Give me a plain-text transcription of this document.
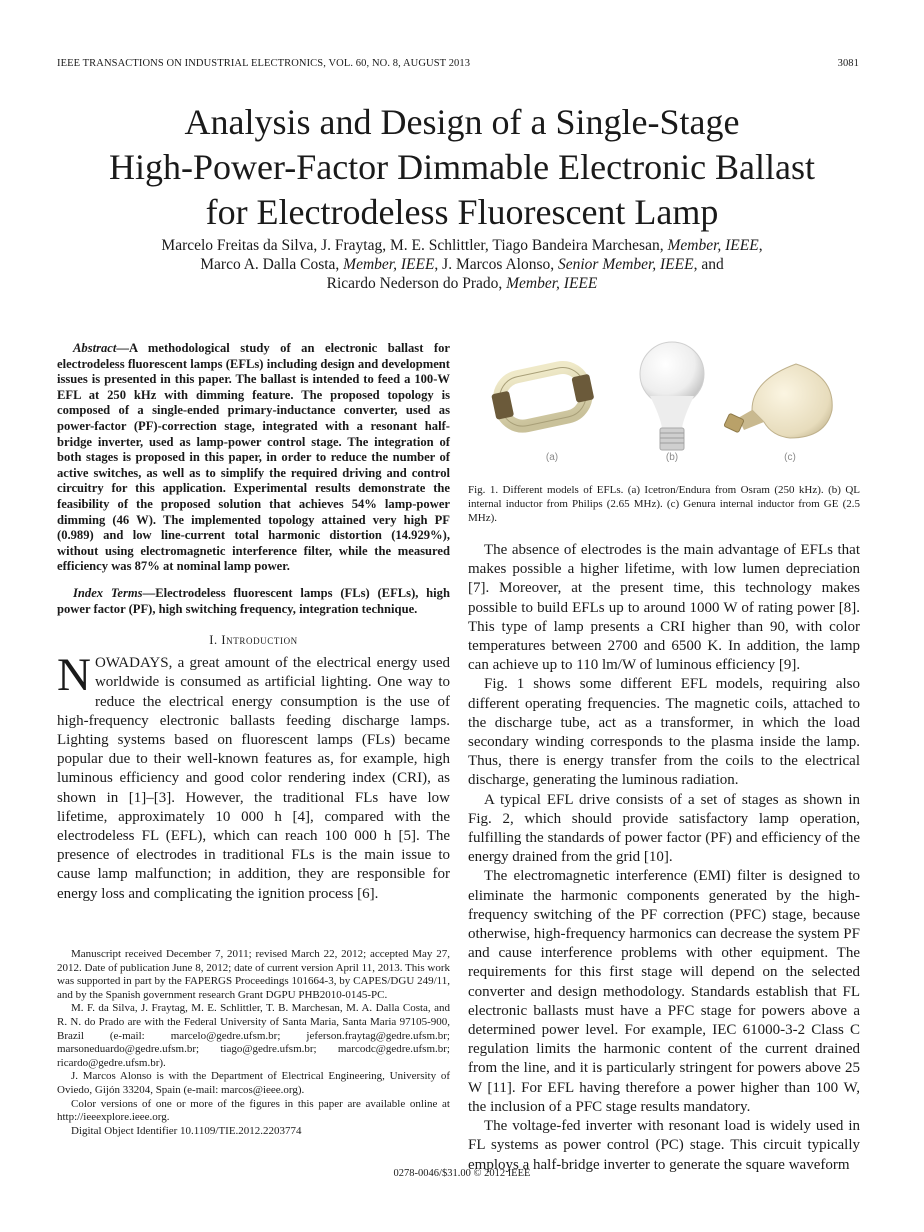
IEEE TRANSACTIONS ON INDUSTRIAL ELECTRONICS, VOL. 60, NO. 8, AUGUST 2013	3081
Analysis and Design of a Single-Stage
High-Power-Factor Dimmable Electronic Ballast
for Electrodeless Fluorescent Lamp
Marcelo Freitas da Silva, J. Fraytag, M. E. Schlittler, Tiago Bandeira Marchesan, Member, IEEE,
Marco A. Dalla Costa, Member, IEEE, J. Marcos Alonso, Senior Member, IEEE, and
Ricardo Nederson do Prado, Member, IEEE

Abstract—A methodological study of an electronic ballast for electrodeless fluorescent lamps (EFLs) including design and development issues is presented in this paper. The ballast is intended to feed a 100-W EFL at 250 kHz with dimming feature. The proposed topology is composed of a single-ended primary-inductance converter, used as power-factor (PF)-correction stage, integrated with a resonant half-bridge inverter, used as lamp-power control stage. The integration of both stages is proposed in this paper, in order to reduce the number of active switches, as well as to simplify the required driving and control circuitry for this application. Experimental results demonstrate the feasibility of the proposed solution that achieves 54% lamp-power dimming (46 W). The implemented topology attained very high PF (0.989) and low line-current total harmonic distortion (14.929%), without using electromagnetic interference filter, while the measured efficiency was 87% at nominal lamp power.

Index Terms—Electrodeless fluorescent lamps (FLs) (EFLs), high power factor (PF), high switching frequency, integration technique.

I. Introduction

NOWADAYS, a great amount of the electrical energy used worldwide is consumed as artificial lighting. One way to reduce the electrical energy consumption is the use of high-frequency electronic ballasts feeding discharge lamps. Lighting systems based on fluorescent lamps (FLs) became popular due to their well-known features as, for example, high luminous efficiency and good color rendering index (CRI), as shown in [1]–[3]. However, the traditional FLs have low lifetime, approximately 10 000 h [4], compared with the electrodeless FL (EFL), which can reach 100 000 h [5]. The presence of electrodes in traditional FLs is the main issue to cause lamp malfunction; in addition, they are responsible for energy loss and complicating the ignition process [6].

Manuscript received December 7, 2011; revised March 22, 2012; accepted May 27, 2012. Date of publication June 8, 2012; date of current version April 11, 2013. This work was supported in part by the FAPERGS Proceedings 101664-3, by CAPES/DGU 249/11, and by the Spanish government research Grant DGPU PHB2010-0145-PC.

M. F. da Silva, J. Fraytag, M. E. Schlittler, T. B. Marchesan, M. A. Dalla Costa, and R. N. do Prado are with the Federal University of Santa Maria, Santa Maria 97105-900, Brazil (e-mail: marcelo@gedre.ufsm.br; jeferson.fraytag@gedre.ufsm.br; marsoneduardo@gedre.ufsm.br; tiago@gedre.ufsm.br; marcodc@gedre.ufsm.br; ricardo@gedre.ufsm.br).

J. Marcos Alonso is with the Department of Electrical Engineering, University of Oviedo, Gijón 33204, Spain (e-mail: marcos@ieee.org).

Color versions of one or more of the figures in this paper are available online at http://ieeexplore.ieee.org.

Digital Object Identifier 10.1109/TIE.2012.2203774

(a)	(b)	(c)
Fig. 1. Different models of EFLs. (a) Icetron/Endura from Osram (250 kHz). (b) QL internal inductor from Philips (2.65 MHz). (c) Genura internal inductor from GE (2.5 MHz).

The absence of electrodes is the main advantage of EFLs that makes possible a higher lifetime, with low lumen depreciation [7]. Moreover, at the present time, this technology makes possible to build EFLs up to around 1000 W of rating power [8]. This type of lamp presents a CRI higher than 90, with color temperatures between 2700 and 6500 K. In addition, the lamp can achieve up to 110 lm/W of luminous efficiency [9].

Fig. 1 shows some different EFL models, requiring also different operating frequencies. The magnetic coils, attached to the discharge tube, act as a transformer, in which the load secondary winding corresponds to the plasma inside the lamp. Thus, there is energy transfer from the coils to the electrical discharge, generating the luminous radiation.

A typical EFL drive consists of a set of stages as shown in Fig. 2, which should provide satisfactory lamp operation, fulfilling the standards of power factor (PF) and efficiency of the energy drained from the grid [10].

The electromagnetic interference (EMI) filter is designed to eliminate the harmonic components generated by the high-frequency switching of the PF correction (PFC) stage, because otherwise, high-frequency harmonics can decrease the system PF and cause interference problems with other equipment. The requirements for this first stage will depend on the selected converter and design methodology. Standards establish that FL electronic ballasts must have a PFC stage for powers above a determined power level. For example, IEC 61000-3-2 Class C regulation limits the harmonic content of the current drained from the line, and it is particularly stringent for powers above 25 W [11]. For EFL having therefore a power higher than 100 W, the inclusion of a PFC stage results mandatory.

The voltage-fed inverter with resonant load is widely used in FL systems as power control (PC) stage. This circuit typically employs a half-bridge inverter to generate the square waveform

0278-0046/$31.00 © 2012 IEEE
